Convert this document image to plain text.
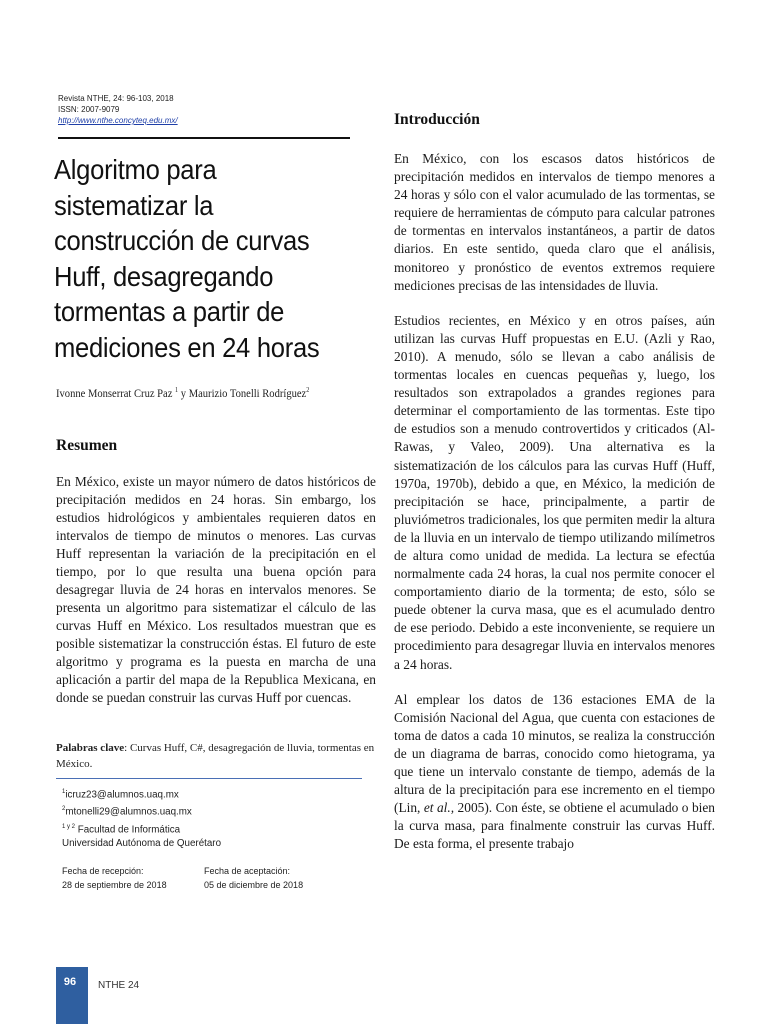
Revista NTHE, 24: 96-103, 2018
ISSN: 2007-9079
http://www.nthe.concyteq.edu.mx/
Algoritmo para sistematizar la construcción de curvas Huff, desagregando tormentas a partir de mediciones en 24 horas
Ivonne Monserrat Cruz Paz $^1$ y Maurizio Tonelli Rodríguez$^2$
Resumen
En México, existe un mayor número de datos históricos de precipitación medidos en 24 horas. Sin embargo, los estudios hidrológicos y ambientales requieren datos en intervalos de tiempo de minutos o menores. Las curvas Huff representan la variación de la precipitación en el tiempo, por lo que resulta una buena opción para desagregar lluvia de 24 horas en intervalos menores. Se presenta un algoritmo para sistematizar el cálculo de las curvas Huff en México. Los resultados muestran que es posible sistematizar la construcción éstas. El futuro de este algoritmo y programa es la puesta en marcha de una aplicación a partir del mapa de la Republica Mexicana, en donde se puedan construir las curvas Huff por cuencas.
Palabras clave: Curvas Huff, C#, desagregación de lluvia, tormentas en México.
$^1$icruz23@alumnos.uaq.mx
$^2$mtonelli29@alumnos.uaq.mx
$^{1 y 2}$ Facultad de Informática
Universidad Autónoma de Querétaro
Fecha de recepción:
28 de septiembre de 2018
Fecha de aceptación:
05 de diciembre de 2018
Introducción

En México, con los escasos datos históricos de precipitación medidos en intervalos de tiempo menores a 24 horas y sólo con el valor acumulado de las tormentas, se requiere de herramientas de cómputo para calcular patrones de tormentas en intervalos instantáneos, a partir de datos diarios. En este sentido, queda claro que el análisis, monitoreo y pronóstico de eventos extremos requiere mediciones precisas de las intensidades de lluvia.

Estudios recientes, en México y en otros países, aún utilizan las curvas Huff propuestas en E.U. (Azli y Rao, 2010). A menudo, sólo se llevan a cabo análisis de tormentas locales en cuencas pequeñas y, luego, los resultados son extrapolados a grandes regiones para determinar el comportamiento de las tormentas. Este tipo de estudios son a menudo controvertidos y criticados (Al-Rawas, y Valeo, 2009). Una alternativa es la sistematización de los cálculos para las curvas Huff (Huff, 1970a, 1970b), debido a que, en México, la medición de precipitación se hace, principalmente, a partir de pluviómetros tradicionales, los que permiten medir la altura de la lluvia en un intervalo de tiempo utilizando milímetros de altura como unidad de medida. La lectura se efectúa normalmente cada 24 horas, la cual nos permite conocer el comportamiento diario de la tormenta; de esto, sólo se puede obtener la curva masa, que es el acumulado dentro de ese periodo. Debido a este inconveniente, se requiere un procedimiento para desagregar lluvia en intervalos menores a 24 horas.

Al emplear los datos de 136 estaciones EMA de la Comisión Nacional del Agua, que cuenta con estaciones de toma de datos a cada 10 minutos, se realiza la construcción de un diagrama de barras, conocido como hietograma, ya que tiene un intervalo constante de tiempo, además de la altura de la precipitación para ese incremento en el tiempo (Lin, et al., 2005). Con éste, se obtiene el acumulado o bien la curva masa, para finalmente construir las curvas Huff. De esta forma, el presente trabajo

96	NTHE 24
